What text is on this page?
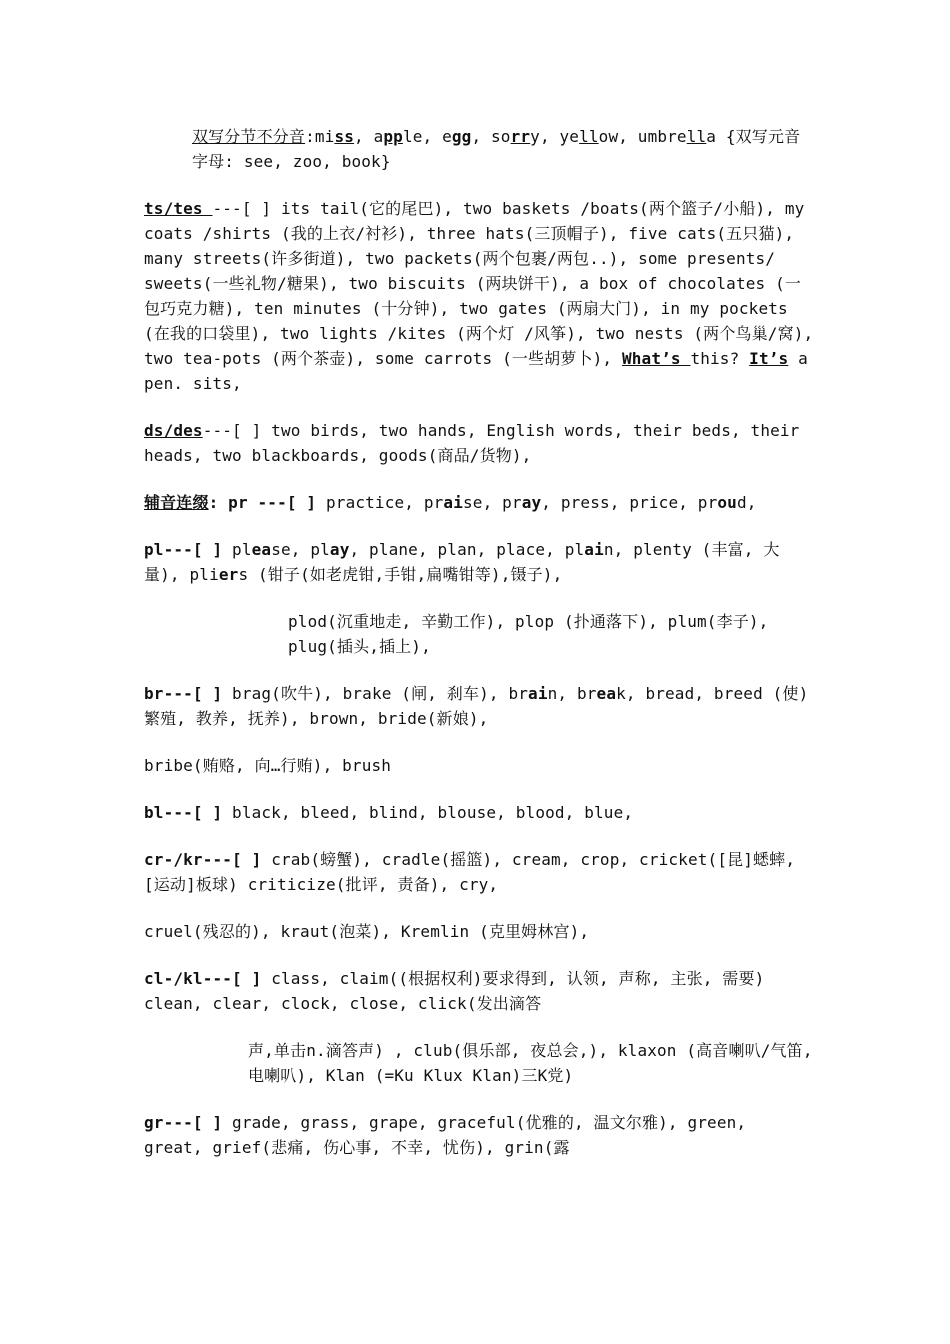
双写分节不分音:miss, apple, egg, sorry, yellow, umbrella {双写元音字母: see, zoo, book}

ts/tes ---[ ] its tail(它的尾巴), two baskets /boats(两个篮子/小船), my coats /shirts (我的上衣/衬衫), three hats(三顶帽子), five cats(五只猫), many streets(许多街道), two packets(两个包裹/两包..), some presents/ sweets(一些礼物/糖果), two biscuits (两块饼干), a box of chocolates (一包巧克力糖), ten minutes (十分钟), two gates (两扇大门), in my pockets (在我的口袋里), two lights /kites (两个灯 /风筝), two nests (两个鸟巢/窝), two tea-pots (两个茶壶), some carrots (一些胡萝卜), What’s this? It’s a pen. sits,

ds/des---[ ] two birds, two hands, English words, their beds, their heads, two blackboards, goods(商品/货物),

辅音连缀: pr ---[ ] practice, praise, pray, press, price, proud,

pl---[ ] please, play, plane, plan, place, plain, plenty (丰富, 大量), pliers (钳子(如老虎钳,手钳,扁嘴钳等),镊子),

plod(沉重地走, 辛勤工作), plop (扑通落下), plum(李子), plug(插头,插上),

br---[ ] brag(吹牛), brake (闸, 刹车), brain, break, bread, breed (使)繁殖, 教养, 抚养), brown, bride(新娘),

bribe(贿赂, 向…行贿), brush

bl---[ ] black, bleed, blind, blouse, blood, blue,

cr-/kr---[ ] crab(螃蟹), cradle(摇篮), cream, crop, cricket([昆]蟋蟀, [运动]板球) criticize(批评, 责备), cry,

cruel(残忍的), kraut(泡菜), Kremlin (克里姆林宫),

cl-/kl---[ ] class, claim((根据权利)要求得到, 认领, 声称, 主张, 需要) clean, clear, clock, close, click(发出滴答

声,单击n.滴答声) , club(俱乐部, 夜总会,), klaxon (高音喇叭/气笛, 电喇叭), Klan (=Ku Klux Klan)三K党)

gr---[ ] grade, grass, grape, graceful(优雅的, 温文尔雅), green, great, grief(悲痛, 伤心事, 不幸, 忧伤), grin(露
